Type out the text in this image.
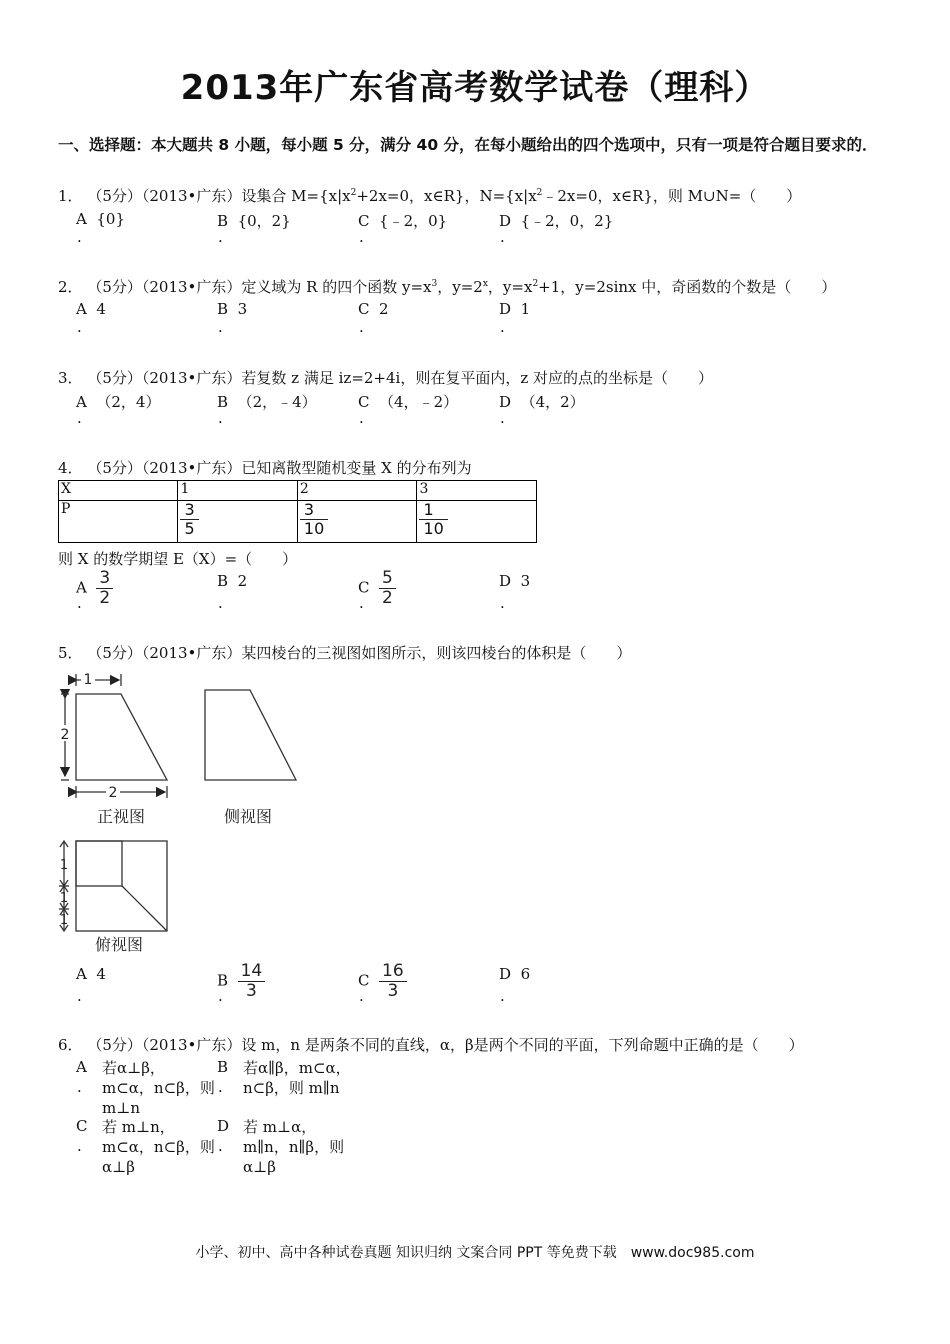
2013年广东省高考数学试卷（理科）
一、选择题：本大题共 8 小题，每小题 5 分，满分 40 分，在每小题给出的四个选项中，只有一项是符合题目要求的．
1． （5分）（2013•广东）设集合 $M=\{x|x^2+2x=0$，x∈R}，$N=\{x|x^2﹣2x=0$，x∈R}，则 M∪N=（　　）
A {0}	B {0，2}	C {﹣2，0}	D {﹣2，0，2}
.	.	.	.
2． （5分）（2013•广东）定义域为 R 的四个函数 $y=x^3$，$y=2^x$，$y=x^2+1$，y=2sinx 中，奇函数的个数是（　　）
A 4	B 3	C 2	D 1
.	.	.	.
3． （5分）（2013•广东）若复数 z 满足 iz=2+4i，则在复平面内，z 对应的点的坐标是（　　）
A （2，4）	B （2，﹣4）	C （4，﹣2）	D （4，2）
.	.	.	.
4． （5分）（2013•广东）已知离散型随机变量 X 的分布列为
X	1	2	3
P	$\frac{3}{5}$	$\frac{3}{10}$	$\frac{1}{10}$
则 X 的数学期望 E（X）=（　　）
A $\frac{3}{2}$	B 2	C $\frac{5}{2}$	D 3
.	.	.	.
5． （5分）（2013•广东）某四棱台的三视图如图所示，则该四棱台的体积是（　　）
1
2
2
正视图	侧视图
1
1
1
俯视图
A 4	B $\frac{14}{3}$	C $\frac{16}{3}$	D 6
.	.	.	.
6． （5分）（2013•广东）设 m，n 是两条不同的直线，α，β是两个不同的平面，下列命题中正确的是（　　）
A
.
若α⊥β，
m⊂α，n⊂β，则
m⊥n
B
.
若α∥β，m⊂α，
n⊂β，则 m∥n
C
.
若 m⊥n，
m⊂α，n⊂β，则
α⊥β
D
.
若 m⊥α，
m∥n，n∥β，则
α⊥β
小学、初中、高中各种试卷真题 知识归纳 文案合同 PPT 等免费下载　www.doc985.com
